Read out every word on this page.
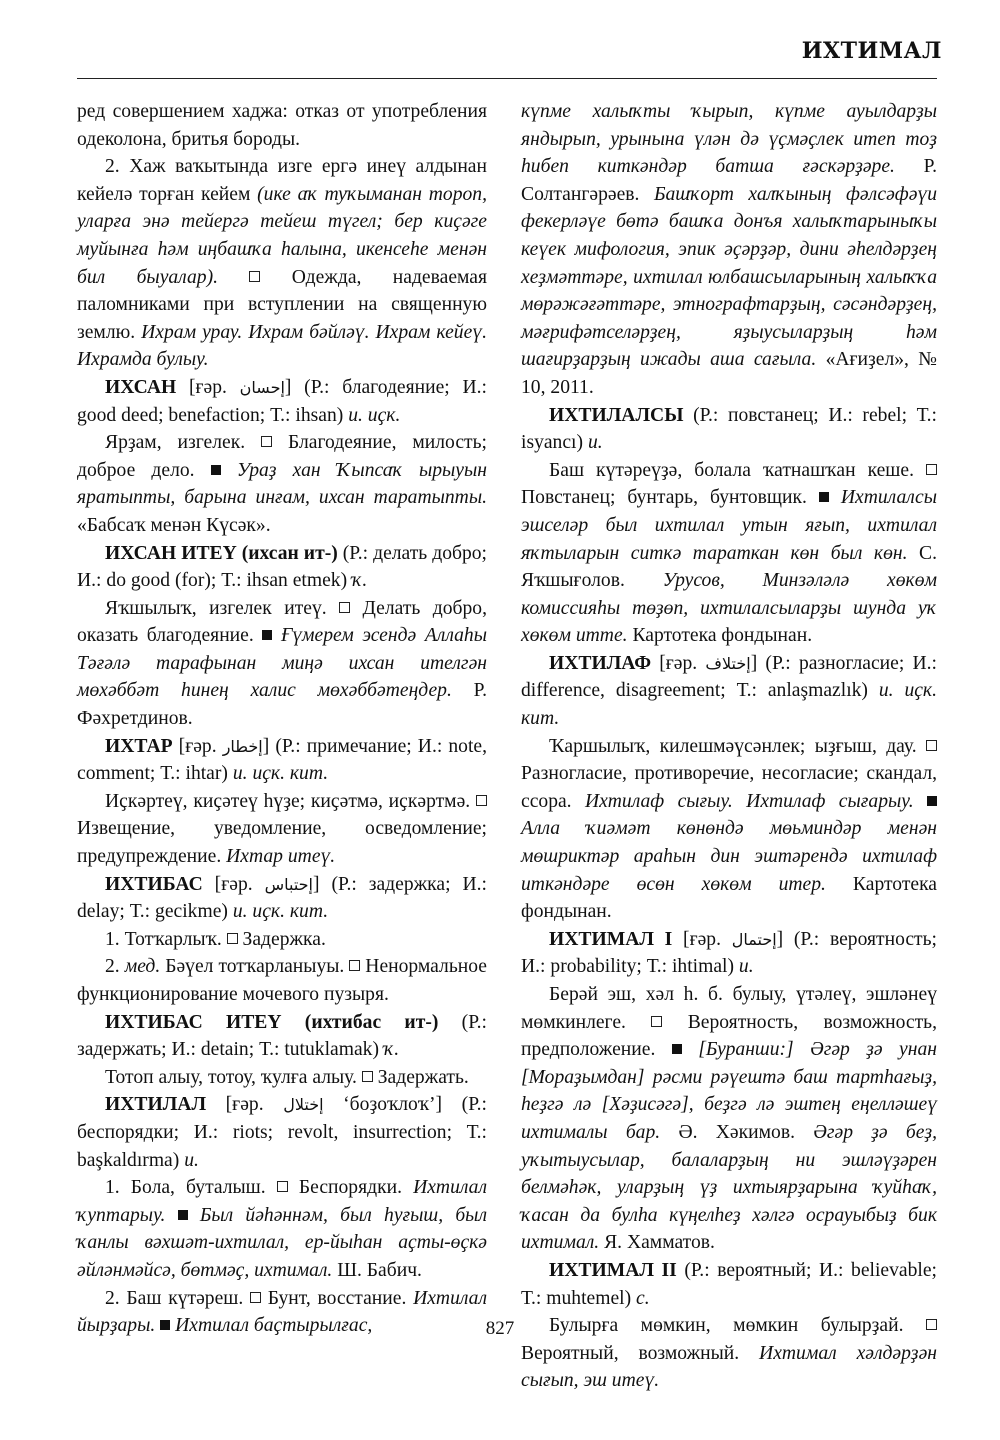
ИХТИМАЛ

ред совершением хаджа: отказ от употребления одеколона, бритья бороды.

2. Хаж ваҡытында изге ергә инеү алдынан кейелә торған кейем (ике аҡ туҡыманан тороп, уларға энә тейергә тейеш түгел; бер киҫәге муйынға һәм иңбашҡа һалына, икенсеһе менән бил быуалар).  Одежда, надеваемая паломниками при вступлении на священную землю. Ихрам урау. Ихрам бәйләү. Ихрам кейеү. Ихрамда булыу.

ИХСАН [ғәр. إحسان] (Р.: благодеяние; И.: good deed; benefaction; Т.: ihsan) и. иҫк.

Ярҙам, изгелек.  Благодеяние, милость; доброе дело.  Ураҙ хан Ҡыпсаҡ ырыуын яратыпты, барына инғам, ихсан таратыпты. «Бабсаҡ менән Күсәк».

ИХСАН ИТЕҮ (ихсан ит-) (Р.: делать добро; И.: do good (for); Т.: ihsan etmek) ҡ.

Яҡшылыҡ, изгелек итеү.  Делать добро, оказать благодеяние.  Ғүмерем эсендә Аллаһы Тәғәлә тарафынан миңә ихсан ителгән мөхәббәт һинең халис мөхәббәтеңдер. Р. Фәхретдинов.

ИХТАР [ғәр. إخطار] (Р.: примечание; И.: note, comment; Т.: ihtar) и. иҫк. кит.

Иҫкәртеү, киҫәтеү һүҙе; киҫәтмә, иҫкәртмә.  Извещение, уведомление, осведомление; предупреждение. Ихтар итеү.

ИХТИБАС [ғәр. إحتباس] (Р.: задержка; И.: delay; Т.: gecikme) и. иҫк. кит.

1. Тотҡарлыҡ.  Задержка.

2. мед. Бәүел тотҡарланыуы.  Ненормальное функционирование мочевого пузыря.

ИХТИБАС ИТЕҮ (ихтибас ит-) (Р.: задержать; И.: detain; Т.: tutuklamak) ҡ.

Тотоп алыу, тотоу, ҡулға алыу.  Задержать.

ИХТИЛАЛ [ғәр. إختلال ‘боҙоҡлоҡ’] (Р.: беспорядки; И.: riots; revolt, insurrection; Т.: başkaldırma) и.

1. Бола, буталыш.  Беспорядки. Ихтилал ҡуптарыу. Был йәһәннәм, был һуғыш, был ҡанлы вәхшәт-ихтилал, ер-йыһан аҫты-өҫкә әйләнмәйсә, бөтмәҫ, ихтимал. Ш. Бабич.

2. Баш күтәреш.  Бунт, восстание. Ихтилал йырҙары. Ихтилал баҫтырылғас,

күпме халыҡты ҡырып, күпме ауылдарҙы яндырып, урынына үлән дә үҫмәҫлек итеп тоҙ һибеп киткәндәр батша ғәскәрҙәре. Р. Солтангәрәев. Башҡорт халҡының фәлсәфәүи фекерләүе бөтә башҡа донъя халыҡтарыныҡы кеүек мифология, эпик әҫәрҙәр, дини әһелдәрҙең хеҙмәттәре, ихтилал юлбашсыларының халыҡҡа мөрәжәғәттәре, этнографтарҙың, сәсәндәрҙең, мәғрифәтселәрҙең, яҙыусыларҙың һәм шағирҙарҙың ижады аша сағыла. «Ағиҙел», № 10, 2011.

ИХТИЛАЛСЫ (Р.: повстанец; И.: rebel; Т.: isyancı) и.

Баш күтәреүҙә, болала ҡатнашҡан кеше.  Повстанец; бунтарь, бунтовщик.  Ихтилалсы эшселәр был ихтилал утын яғып, ихтилал яҡтыларын ситкә тараткан көн был көн. С. Яҡшығолов. Урусов, Минзәләлә хөкөм комиссияһы төҙөп, ихтилалсыларҙы шунда уҡ хөкөм итте. Картотека фондынан.

ИХТИЛАФ [ғәр. إختلاف] (Р.: разногласие; И.: difference, disagreement; Т.: anlaşmazlık) и. иҫк. кит.

Ҡаршылыҡ, килешмәүсәнлек; ыҙғыш, дау.  Разногласие, противоречие, несогласие; скандал, ссора. Ихтилаф сығыу. Ихтилаф сығарыу.  Алла ҡиәмәт көнөндә мөьминдәр менән мөшриктәр араһын дин эштәрендә ихтилаф иткәндәре өсөн хөкөм итер. Картотека фондынан.

ИХТИМАЛ I [ғәр. إحتمال] (Р.: вероятность; И.: probability; Т.: ihtimal) и.

Берәй эш, хәл һ. б. булыу, үтәлеү, эшләнеү мөмкинлеге.  Вероятность, возможность, предположение.  [Буранши:] Әгәр ҙә унан [Мораҙымдан] рәсми рәүештә баш тартһағыҙ, һеҙгә лә [Хәҙисәгә], беҙгә лә эштең еңелләшеү ихтималы бар. Ә. Хәкимов. Әгәр ҙә беҙ, уҡытыусылар, балаларҙың ни эшләүҙәрен белмәһәк, уларҙың үҙ ихтыярҙарына ҡуйһаҡ, ҡасан да булһа күңелһеҙ хәлгә осрауыбыҙ бик ихтимал. Я. Хамматов.

ИХТИМАЛ II (Р.: вероятный; И.: believable; Т.: muhtemel) с.

Булырға мөмкин, мөмкин булырҙай.  Вероятный, возможный. Ихтимал хәлдәрҙән сығып, эш итеү.

827
